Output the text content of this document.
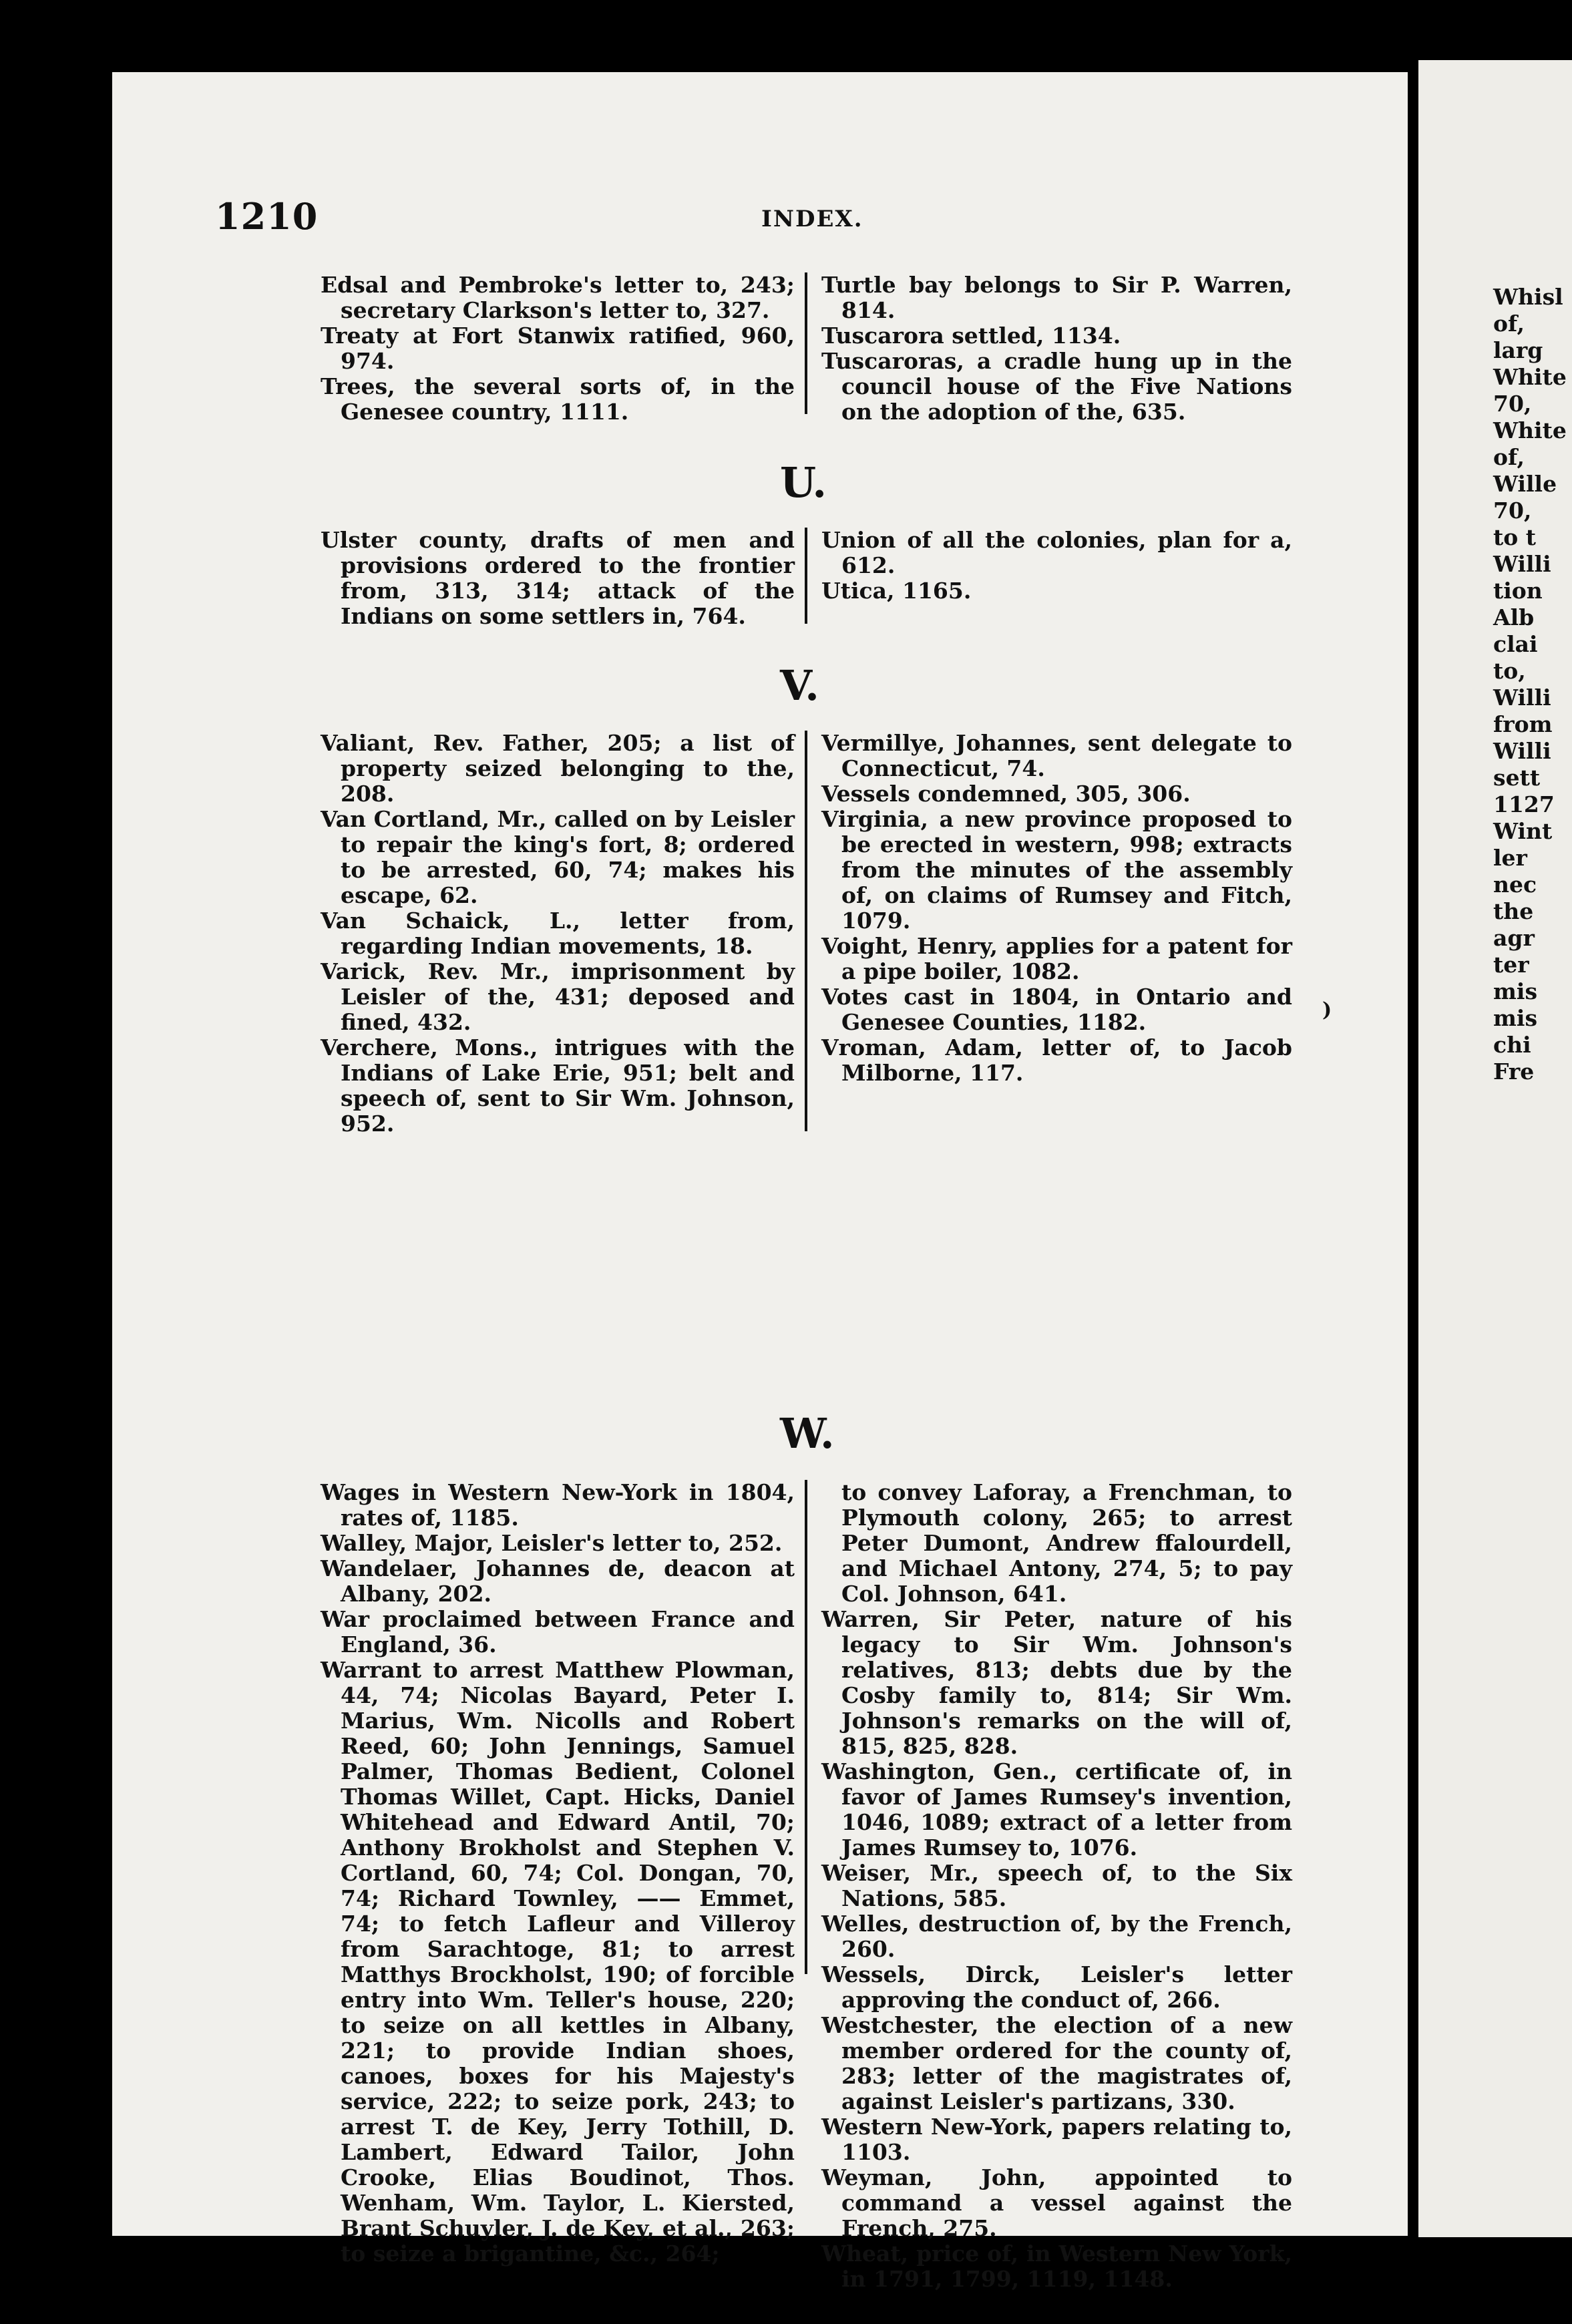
1210	INDEX.

Edsal and Pembroke's letter to, 243; secretary Clarkson's letter to, 327.

Treaty at Fort Stanwix ratified, 960, 974.

Trees, the several sorts of, in the Genesee country, 1111.

Turtle bay belongs to Sir P. Warren, 814.

Tuscarora settled, 1134.

Tuscaroras, a cradle hung up in the council house of the Five Nations on the adoption of the, 635.

U.

Ulster county, drafts of men and provisions ordered to the frontier from, 313, 314; attack of the Indians on some settlers in, 764.

Union of all the colonies, plan for a, 612.

Utica, 1165.

V.

Valiant, Rev. Father, 205; a list of property seized belonging to the, 208.

Van Cortland, Mr., called on by Leisler to repair the king's fort, 8; ordered to be arrested, 60, 74; makes his escape, 62.

Van Schaick, L., letter from, regarding Indian movements, 18.

Varick, Rev. Mr., imprisonment by Leisler of the, 431; deposed and fined, 432.

Verchere, Mons., intrigues with the Indians of Lake Erie, 951; belt and speech of, sent to Sir Wm. Johnson, 952.

Vermillye, Johannes, sent delegate to Connecticut, 74.

Vessels condemned, 305, 306.

Virginia, a new province proposed to be erected in western, 998; extracts from the minutes of the assembly of, on claims of Rumsey and Fitch, 1079.

Voight, Henry, applies for a patent for a pipe boiler, 1082.

Votes cast in 1804, in Ontario and Genesee Counties, 1182.

Vroman, Adam, letter of, to Jacob Milborne, 117.

W.

Wages in Western New-York in 1804, rates of, 1185.

Walley, Major, Leisler's letter to, 252.

Wandelaer, Johannes de, deacon at Albany, 202.

War proclaimed between France and England, 36.

Warrant to arrest Matthew Plowman, 44, 74; Nicolas Bayard, Peter I. Marius, Wm. Nicolls and Robert Reed, 60; John Jennings, Samuel Palmer, Thomas Bedient, Colonel Thomas Willet, Capt. Hicks, Daniel Whitehead and Edward Antil, 70; Anthony Brokholst and Stephen V. Cortland, 60, 74; Col. Dongan, 70, 74; Richard Townley, —— Emmet, 74; to fetch Lafleur and Villeroy from Sarachtoge, 81; to arrest Matthys Brockholst, 190; of forcible entry into Wm. Teller's house, 220; to seize on all kettles in Albany, 221; to provide Indian shoes, canoes, boxes for his Majesty's service, 222; to seize pork, 243; to arrest T. de Key, Jerry Tothill, D. Lambert, Edward Tailor, John Crooke, Elias Boudinot, Thos. Wenham, Wm. Taylor, L. Kiersted, Brant Schuyler, J. de Key, et al., 263; to seize a brigantine, &c., 264;

to convey Laforay, a Frenchman, to Plymouth colony, 265; to arrest Peter Dumont, Andrew ffalourdell, and Michael Antony, 274, 5; to pay Col. Johnson, 641.

Warren, Sir Peter, nature of his legacy to Sir Wm. Johnson's relatives, 813; debts due by the Cosby family to, 814; Sir Wm. Johnson's remarks on the will of, 815, 825, 828.

Washington, Gen., certificate of, in favor of James Rumsey's invention, 1046, 1089; extract of a letter from James Rumsey to, 1076.

Weiser, Mr., speech of, to the Six Nations, 585.

Welles, destruction of, by the French, 260.

Wessels, Dirck, Leisler's letter approving the conduct of, 266.

Westchester, the election of a new member ordered for the county of, 283; letter of the magistrates of, against Leisler's partizans, 330.

Western New-York, papers relating to, 1103.

Weyman, John, appointed to command a vessel against the French, 275.

Wheat, price of, in Western New York, in 1791, 1799, 1119, 1148.

Whisl
of,
larg
White
70,
White
of,
Wille
70,
to t
Willi
tion
Alb
clai
to,
Willi
from
Willi
sett
1127
Wint
ler
nec
the
agr
ter
mis
mis
chi
Fre
)
